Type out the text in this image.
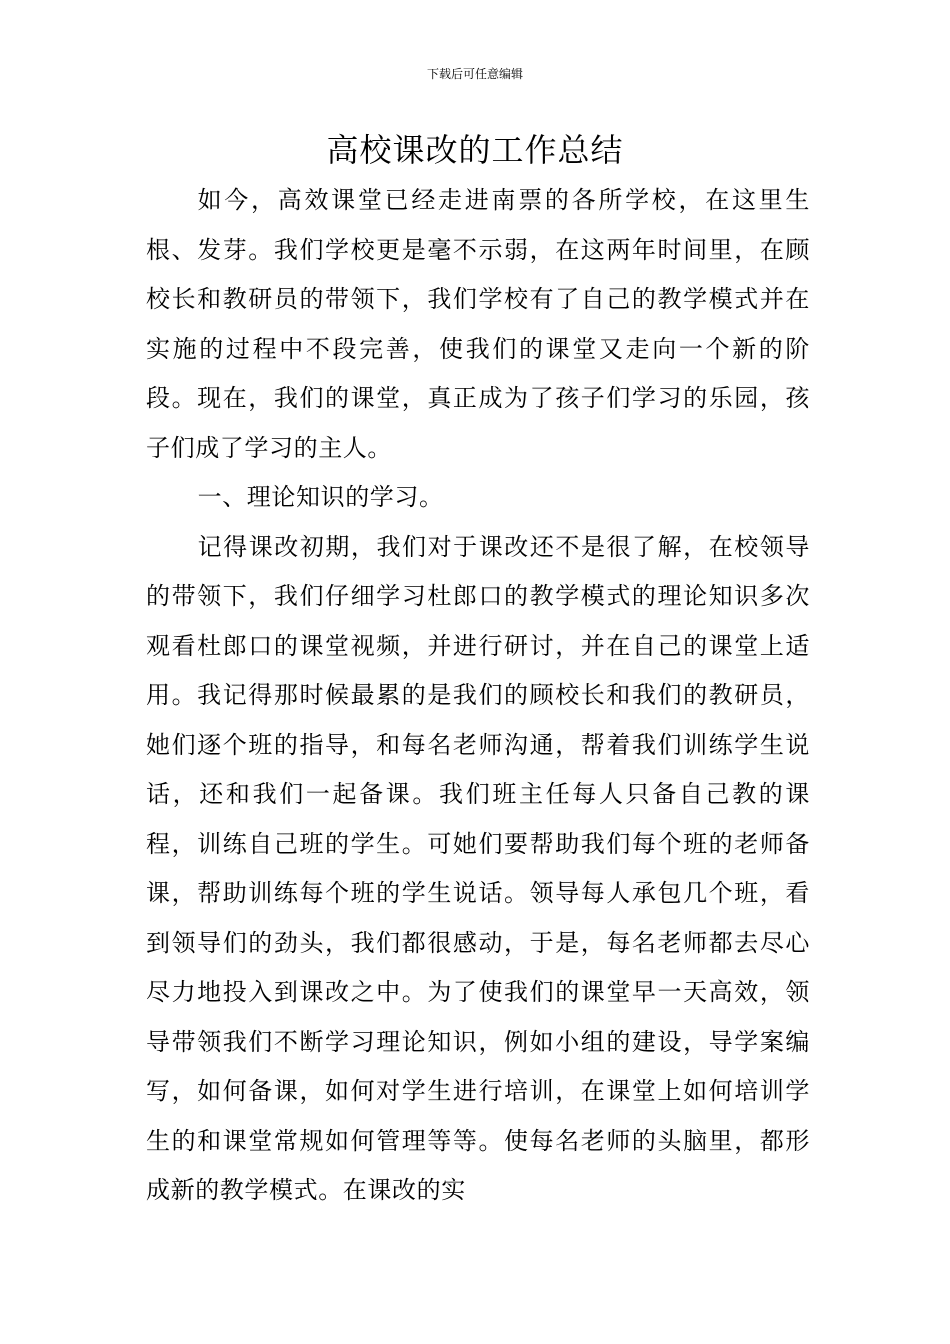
下载后可任意编辑
高校课改的工作总结

如今，高效课堂已经走进南票的各所学校，在这里生根、发芽。我们学校更是毫不示弱，在这两年时间里，在顾校长和教研员的带领下，我们学校有了自己的教学模式并在实施的过程中不段完善，使我们的课堂又走向一个新的阶段。现在，我们的课堂，真正成为了孩子们学习的乐园，孩子们成了学习的主人。

一、理论知识的学习。

记得课改初期，我们对于课改还不是很了解，在校领导的带领下，我们仔细学习杜郎口的教学模式的理论知识多次观看杜郎口的课堂视频，并进行研讨，并在自己的课堂上适用。我记得那时候最累的是我们的顾校长和我们的教研员，她们逐个班的指导，和每名老师沟通，帮着我们训练学生说话，还和我们一起备课。我们班主任每人只备自己教的课程，训练自己班的学生。可她们要帮助我们每个班的老师备课，帮助训练每个班的学生说话。领导每人承包几个班，看到领导们的劲头，我们都很感动，于是，每名老师都去尽心尽力地投入到课改之中。为了使我们的课堂早一天高效，领导带领我们不断学习理论知识，例如小组的建设，导学案编写，如何备课，如何对学生进行培训，在课堂上如何培训学生的和课堂常规如何管理等等。使每名老师的头脑里，都形成新的教学模式。在课改的实
